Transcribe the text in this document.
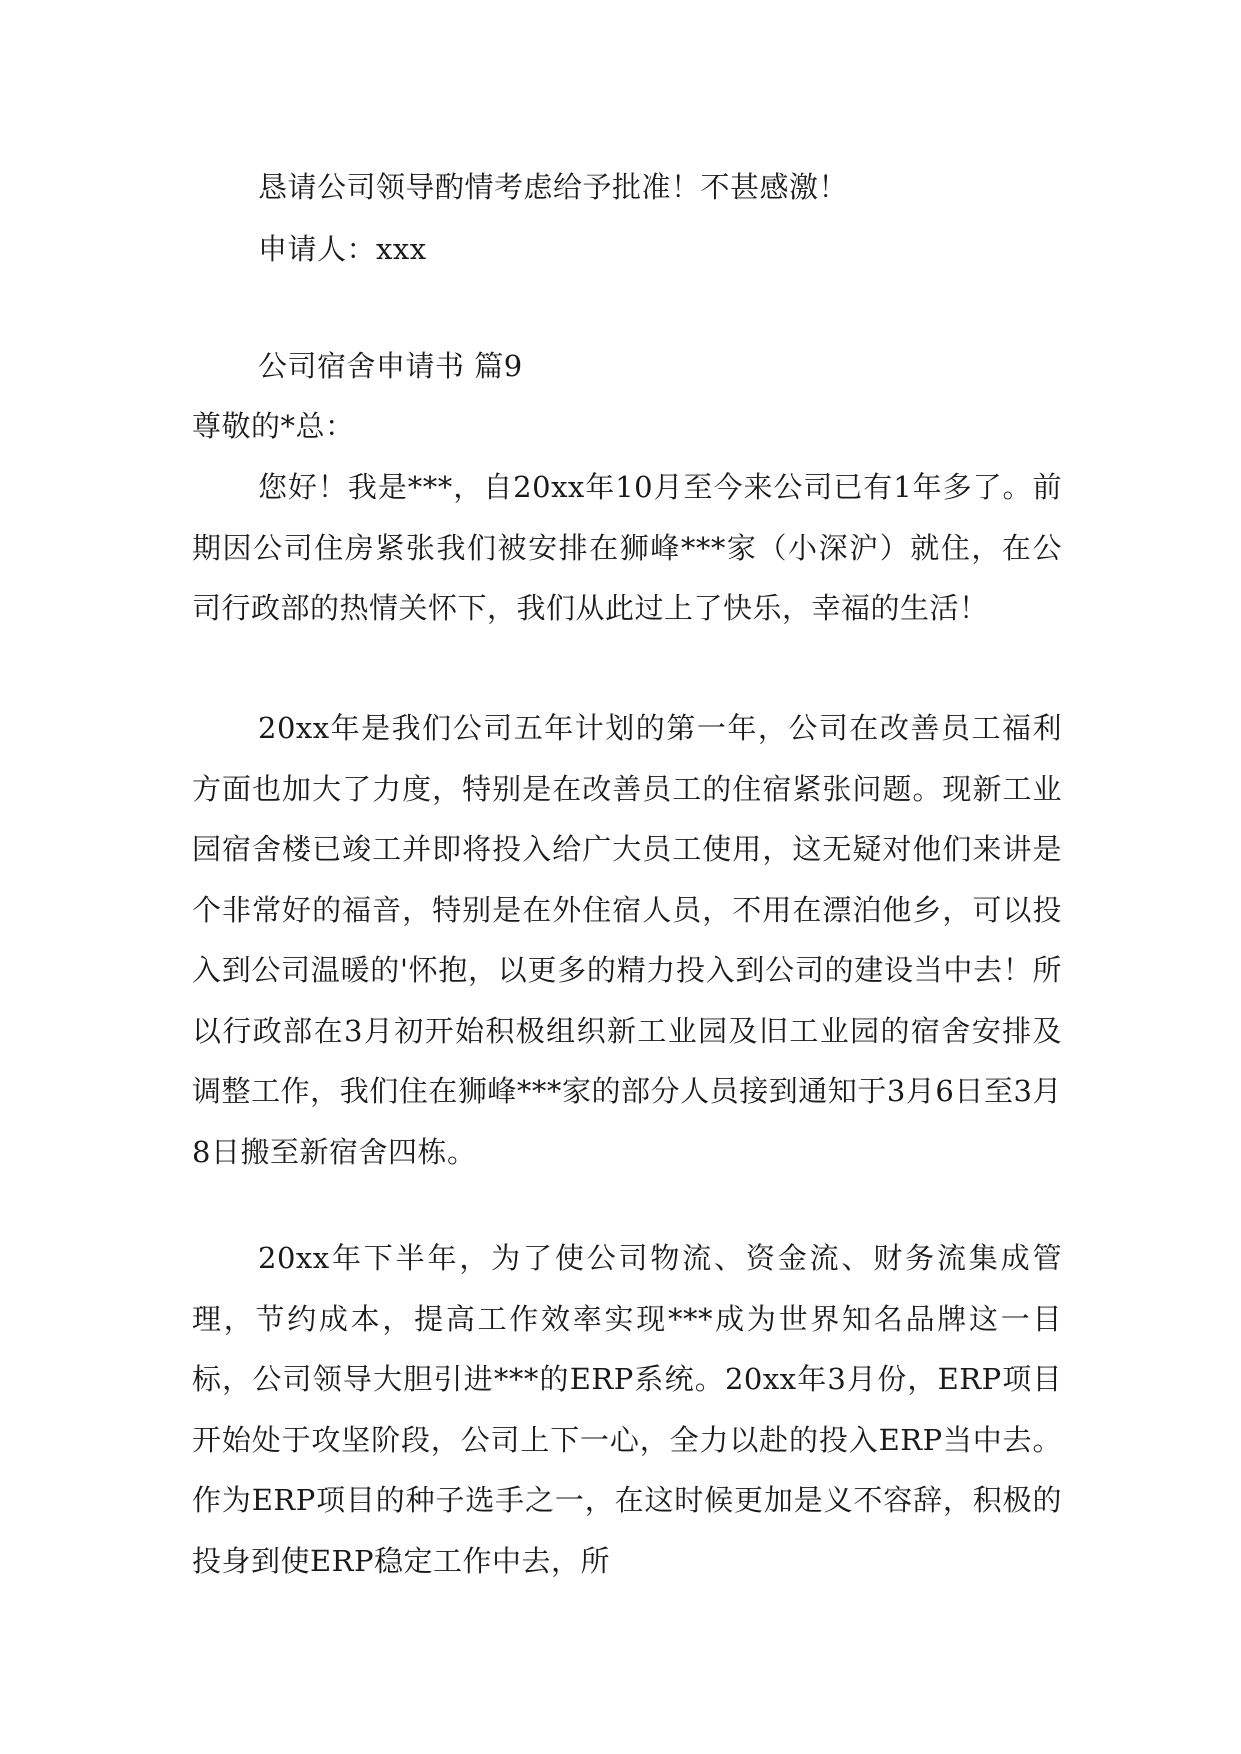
恳请公司领导酌情考虑给予批准！不甚感激！
申请人：xxx
公司宿舍申请书 篇9
尊敬的*总：

您好！我是***，自20xx年10月至今来公司已有1年多了。前期因公司住房紧张我们被安排在狮峰***家（小深沪）就住，在公司行政部的热情关怀下，我们从此过上了快乐，幸福的生活！

20xx年是我们公司五年计划的第一年，公司在改善员工福利方面也加大了力度，特别是在改善员工的住宿紧张问题。现新工业园宿舍楼已竣工并即将投入给广大员工使用，这无疑对他们来讲是个非常好的福音，特别是在外住宿人员，不用在漂泊他乡，可以投入到公司温暖的'怀抱，以更多的精力投入到公司的建设当中去！所以行政部在3月初开始积极组织新工业园及旧工业园的宿舍安排及调整工作，我们住在狮峰***家的部分人员接到通知于3月6日至3月8日搬至新宿舍四栋。

20xx年下半年，为了使公司物流、资金流、财务流集成管理，节约成本，提高工作效率实现***成为世界知名品牌这一目标，公司领导大胆引进***的ERP系统。20xx年3月份，ERP项目开始处于攻坚阶段，公司上下一心，全力以赴的投入ERP当中去。作为ERP项目的种子选手之一，在这时候更加是义不容辞，积极的投身到使ERP稳定工作中去，所
